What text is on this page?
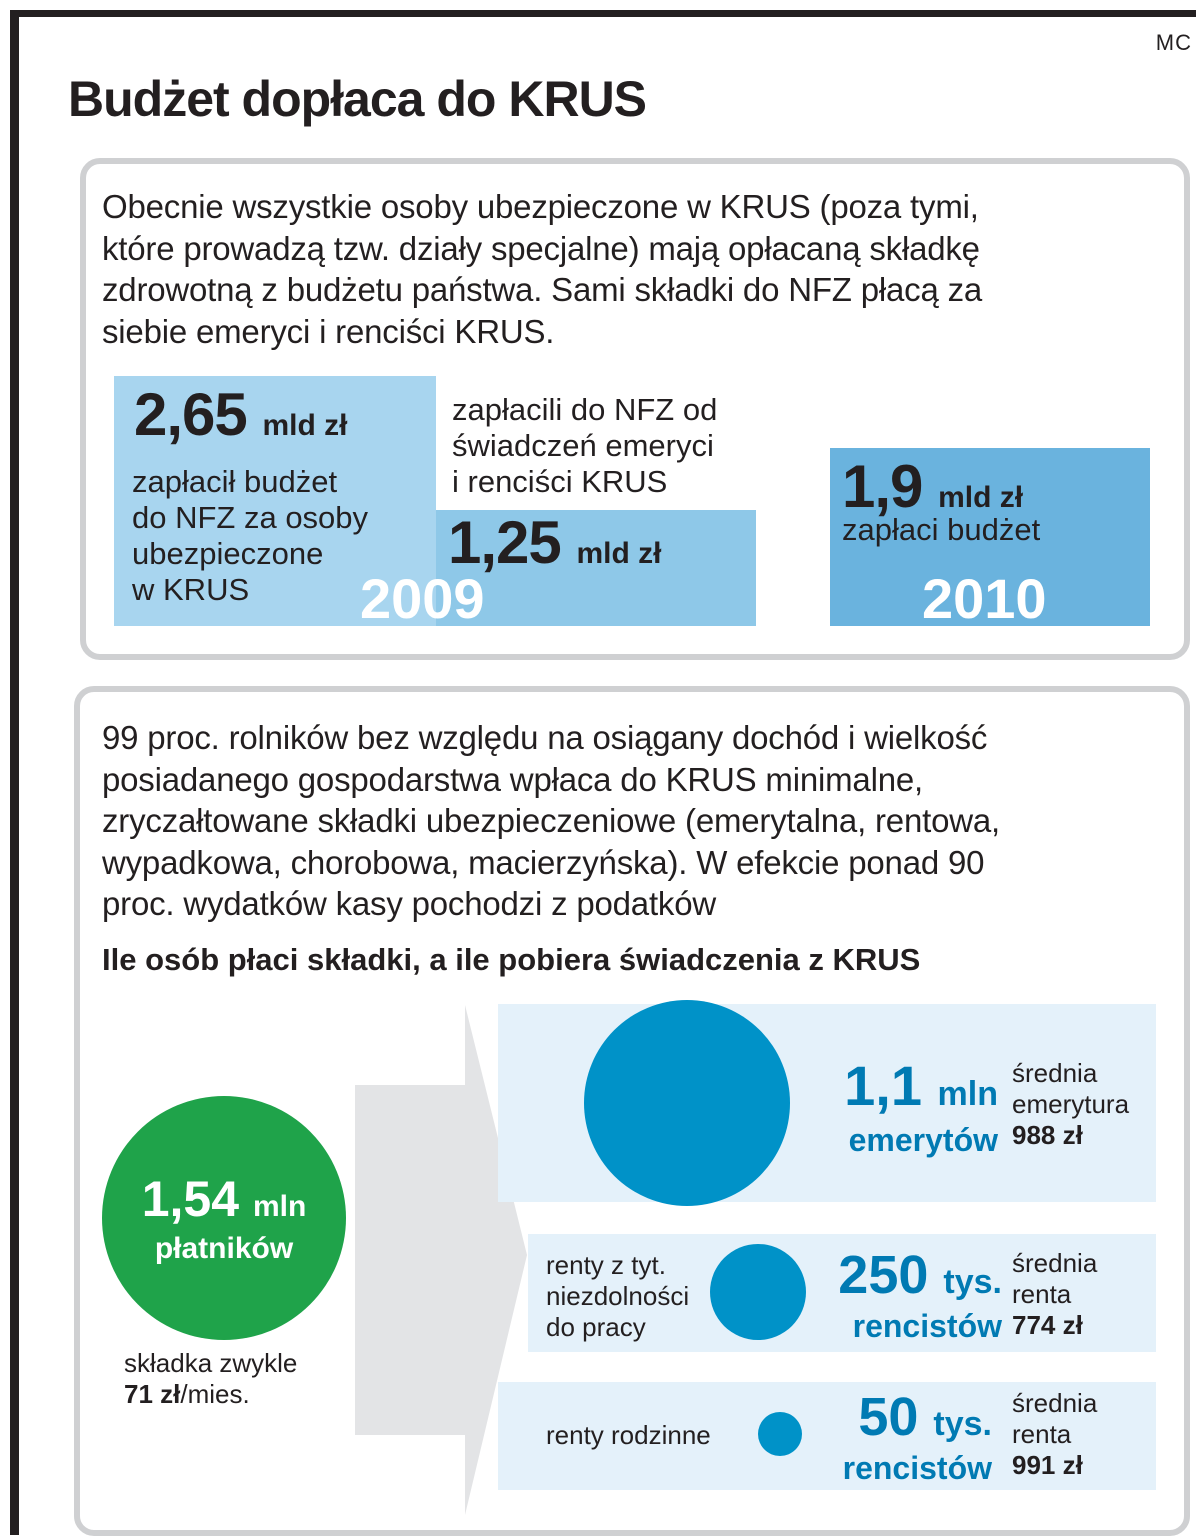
MC
Budżet dopłaca do KRUS
Obecnie wszystkie osoby ubezpieczone w KRUS (poza tymi,
które prowadzą tzw. działy specjalne) mają opłacaną składkę
zdrowotną z budżetu państwa. Sami składki do NFZ płacą za
siebie emeryci i renciści KRUS.
2,65 mld zł
zapłacił budżet
do NFZ za osoby
ubezpieczone
w KRUS
zapłacili do NFZ od
świadczeń emeryci
i renciści KRUS
1,25 mld zł
2009
1,9 mld zł
zapłaci budżet
2010
99 proc. rolników bez względu na osiągany dochód i wielkość
posiadanego gospodarstwa wpłaca do KRUS minimalne,
zryczałtowane składki ubezpieczeniowe (emerytalna, rentowa,
wypadkowa, chorobowa, macierzyńska). W efekcie ponad 90
proc. wydatków kasy pochodzi z podatków
Ile osób płaci składki, a ile pobiera świadczenia z KRUS
1,54 mln
płatników
składka zwykle
71 zł/mies.
1,1 mln
emerytów
średnia
emerytura
988 zł
renty z tyt.
niezdolności
do pracy
250 tys.
rencistów
średnia
renta
774 zł
renty rodzinne	50 tys.
rencistów
średnia
renta
991 zł
